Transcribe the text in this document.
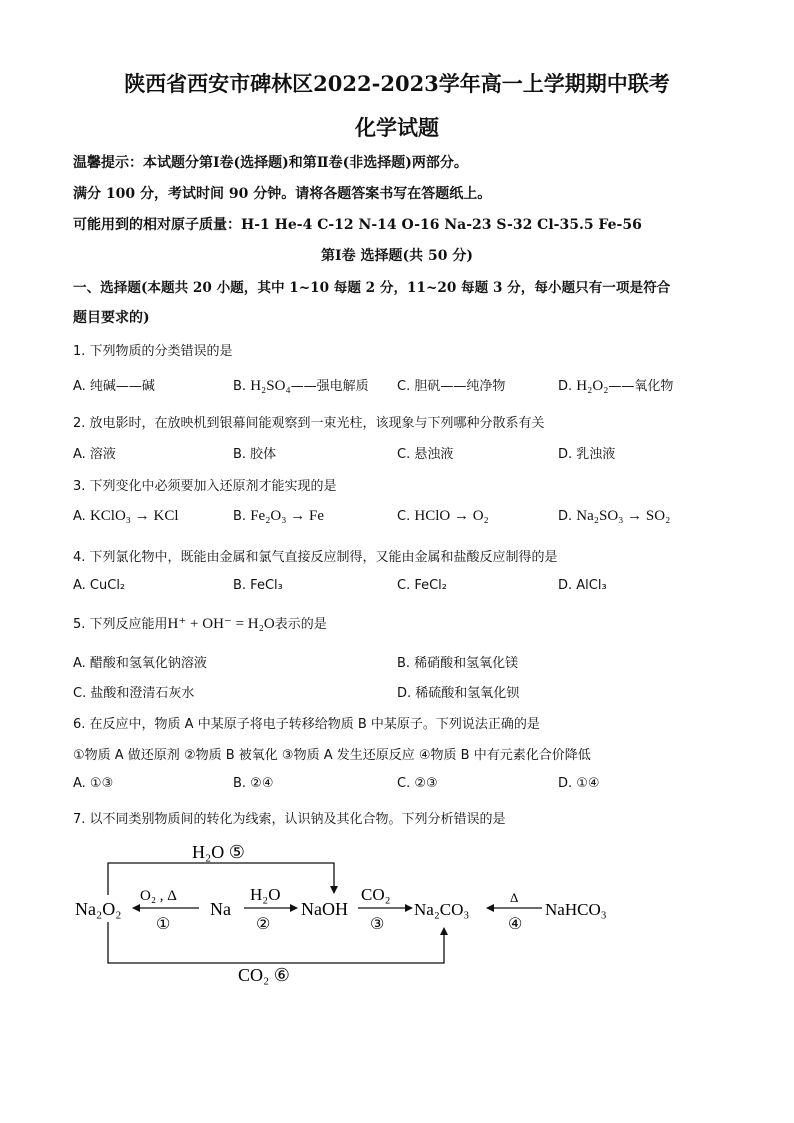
陕西省西安市碑林区2022-2023学年高一上学期期中联考
化学试题
温馨提示：本试题分第Ⅰ卷(选择题)和第Ⅱ卷(非选择题)两部分。
满分 100 分，考试时间 90 分钟。请将各题答案书写在答题纸上。
可能用到的相对原子质量：H-1 He-4 C-12 N-14 O-16 Na-23 S-32 Cl-35.5 Fe-56
第Ⅰ卷 选择题(共 50 分)
一、选择题(本题共 20 小题，其中 1~10 每题 2 分，11~20 每题 3 分，每小题只有一项是符合
题目要求的)
1. 下列物质的分类错误的是
A. 纯碱——碱	B. H₂SO₄——强电解质 C. 胆矾——纯净物	D. H₂O₂——氧化物
2. 放电影时，在放映机到银幕间能观察到一束光柱，该现象与下列哪种分散系有关
A. 溶液	B. 胶体	C. 悬浊液	D. 乳浊液
3. 下列变化中必须要加入还原剂才能实现的是
A. KClO₃ → KCl	B. Fe₂O₃ → Fe	C. HClO → O₂	D. Na₂SO₃ → SO₂
4. 下列氯化物中，既能由金属和氯气直接反应制得，又能由金属和盐酸反应制得的是
A. CuCl₂	B. FeCl₃	C. FeCl₂	D. AlCl₃
5. 下列反应能用H⁺ + OH⁻ = H₂O表示的是
A. 醋酸和氢氧化钠溶液	B. 稀硝酸和氢氧化镁
C. 盐酸和澄清石灰水	D. 稀硫酸和氢氧化钡
6. 在反应中，物质 A 中某原子将电子转移给物质 B 中某原子。下列说法正确的是
①物质 A 做还原剂 ②物质 B 被氧化 ③物质 A 发生还原反应 ④物质 B 中有元素化合价降低
A. ①③	B. ②④	C. ②③	D. ①④
7. 以不同类别物质间的转化为线索，认识钠及其化合物。下列分析错误的是
Na₂O₂	Na	NaOH	Na₂CO₃	NaHCO₃
H₂O ⑤
CO₂ ⑥
O₂ , Δ
①
H₂O
②
CO₂
③
Δ
④
